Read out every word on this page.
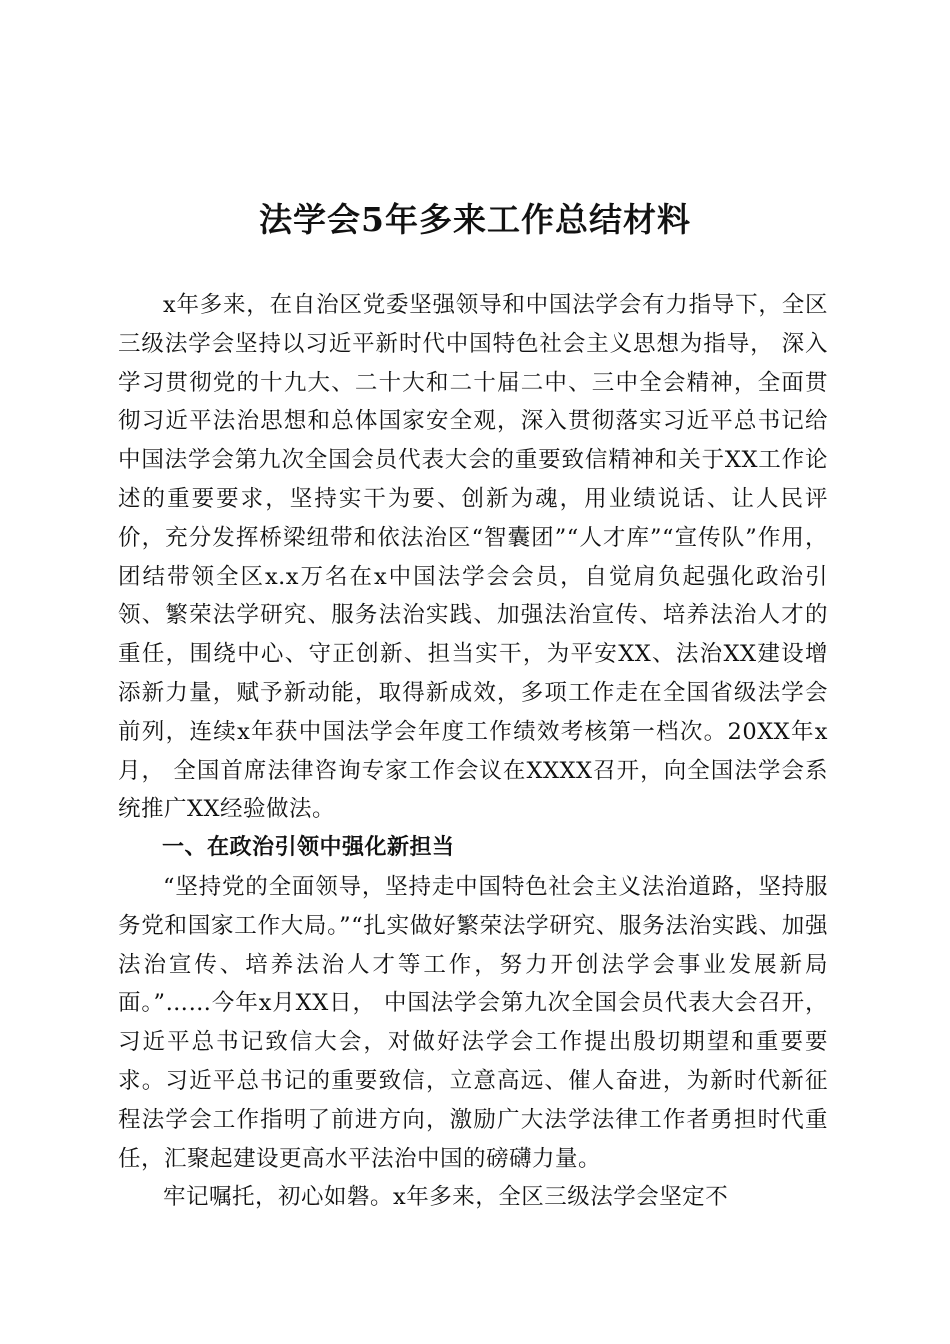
法学会5年多来工作总结材料

x年多来，在自治区党委坚强领导和中国法学会有力指导下，全区三级法学会坚持以习近平新时代中国特色社会主义思想为指导， 深入学习贯彻党的十九大、二十大和二十届二中、三中全会精神，全面贯彻习近平法治思想和总体国家安全观，深入贯彻落实习近平总书记给中国法学会第九次全国会员代表大会的重要致信精神和关于XX工作论述的重要要求，坚持实干为要、创新为魂，用业绩说话、让人民评价，充分发挥桥梁纽带和依法治区“智囊团”“人才库”“宣传队”作用，团结带领全区x.x万名在x中国法学会会员，自觉肩负起强化政治引领、繁荣法学研究、服务法治实践、加强法治宣传、培养法治人才的重任，围绕中心、守正创新、担当实干，为平安XX、法治XX建设增添新力量，赋予新动能，取得新成效，多项工作走在全国省级法学会前列，连续x年获中国法学会年度工作绩效考核第一档次。20XX年x月， 全国首席法律咨询专家工作会议在XXXX召开，向全国法学会系统推广XX经验做法。

一、在政治引领中强化新担当

“坚持党的全面领导，坚持走中国特色社会主义法治道路，坚持服务党和国家工作大局。”“扎实做好繁荣法学研究、服务法治实践、加强法治宣传、培养法治人才等工作，努力开创法学会事业发展新局面。”……今年x月XX日， 中国法学会第九次全国会员代表大会召开，习近平总书记致信大会，对做好法学会工作提出殷切期望和重要要求。习近平总书记的重要致信，立意高远、催人奋进，为新时代新征程法学会工作指明了前进方向，激励广大法学法律工作者勇担时代重任，汇聚起建设更高水平法治中国的磅礴力量。

牢记嘱托，初心如磐。x年多来，全区三级法学会坚定不
